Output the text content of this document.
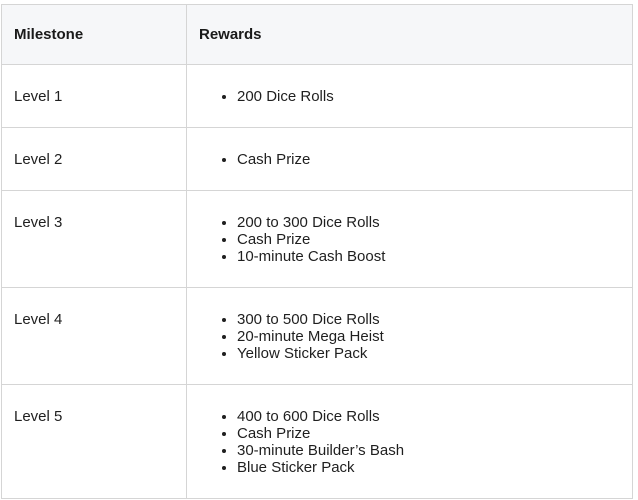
Milestone	Rewards
Level 1	
•200 Dice Rolls

Level 2	
•Cash Prize

Level 3	
•200 to 300 Dice Rolls
• Cash Prize
• 10-minute Cash Boost

Level 4	
•300 to 500 Dice Rolls
• 20-minute Mega Heist
• Yellow Sticker Pack

Level 5	
•400 to 600 Dice Rolls
• Cash Prize
• 30-minute Builder’s Bash
• Blue Sticker Pack
